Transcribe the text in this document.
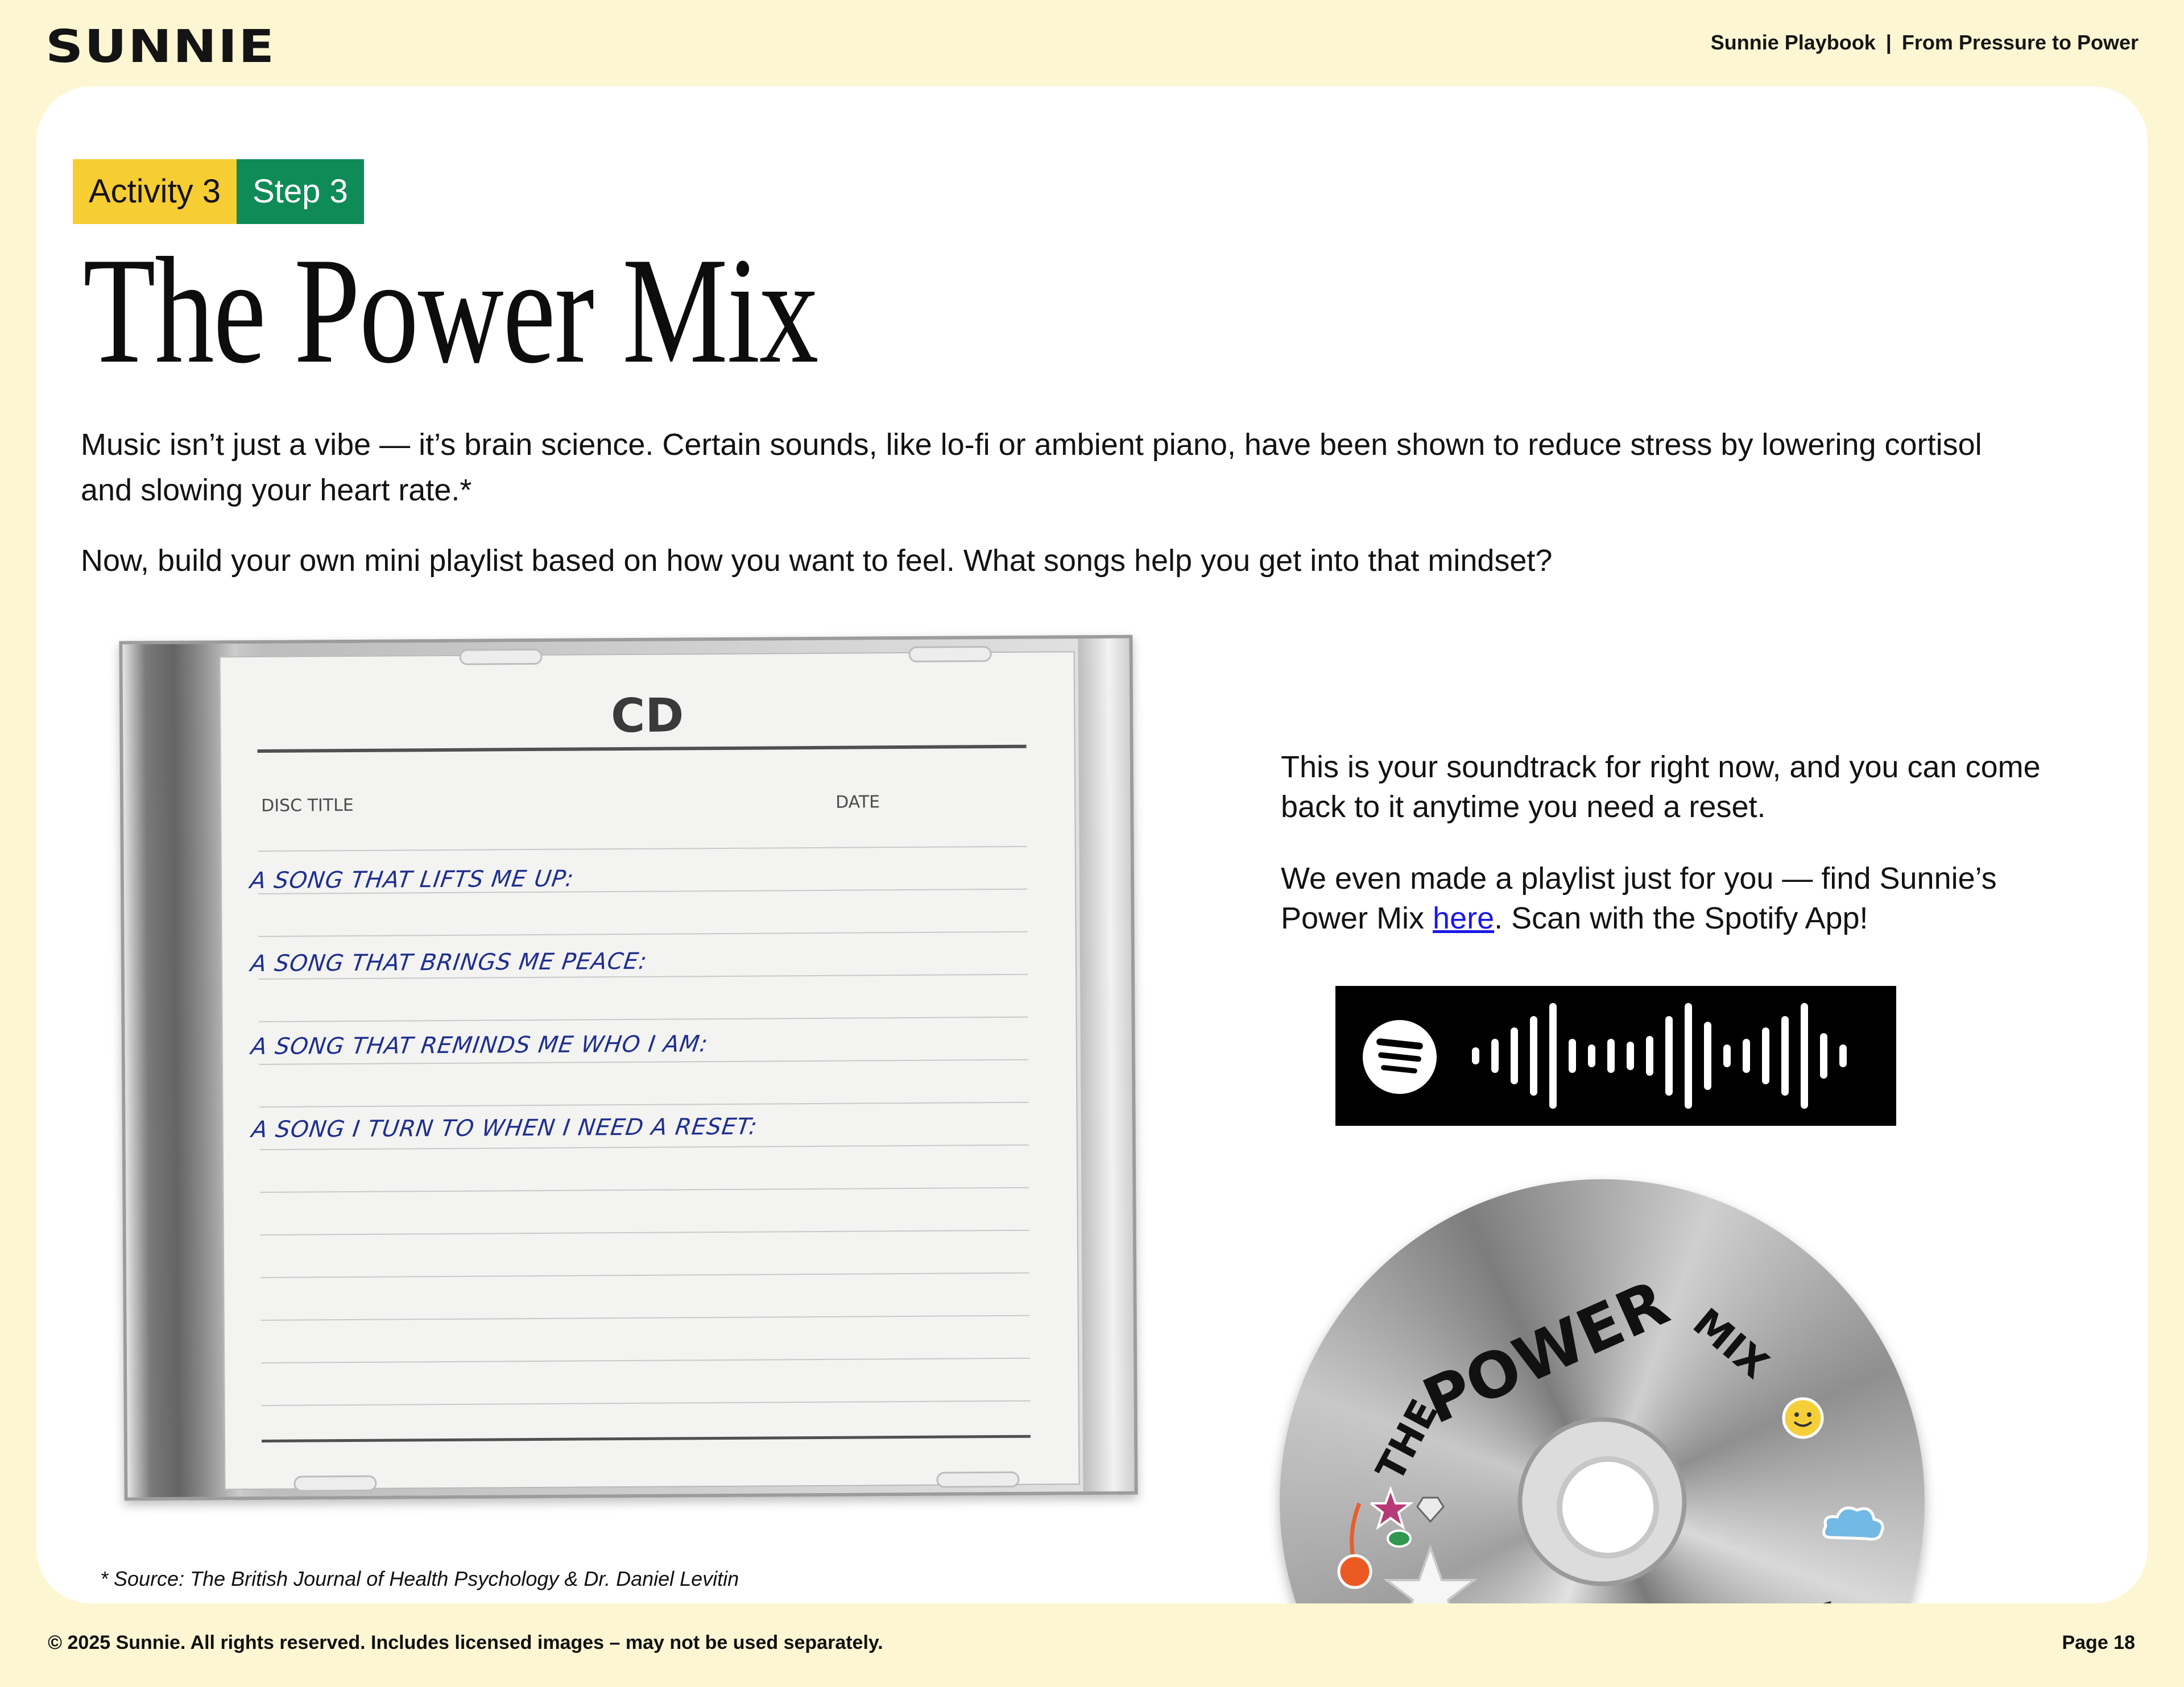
SUNNIE	Sunnie Playbook | From Pressure to Power
Activity 3 Step 3
The Power Mix

Music isn’t just a vibe — it’s brain science. Certain sounds, like lo-fi or ambient piano, have been shown to reduce stress by lowering cortisol and slowing your heart rate.*

Now, build your own mini playlist based on how you want to feel. What songs help you get into that mindset?

CD
DISC TITLE	DATE
A SONG THAT LIFTS ME UP:
A SONG THAT BRINGS ME PEACE:
A SONG THAT REMINDS ME WHO I AM:
A SONG I TURN TO WHEN I NEED A RESET:

This is your soundtrack for right now, and you can come back to it anytime you need a reset.

We even made a playlist just for you — find Sunnie’s Power Mix here. Scan with the Spotify App!

THE
POWER MIX
* Source: The British Journal of Health Psychology & Dr. Daniel Levitin
© 2025 Sunnie. All rights reserved. Includes licensed images – may not be used separately.	Page 18
